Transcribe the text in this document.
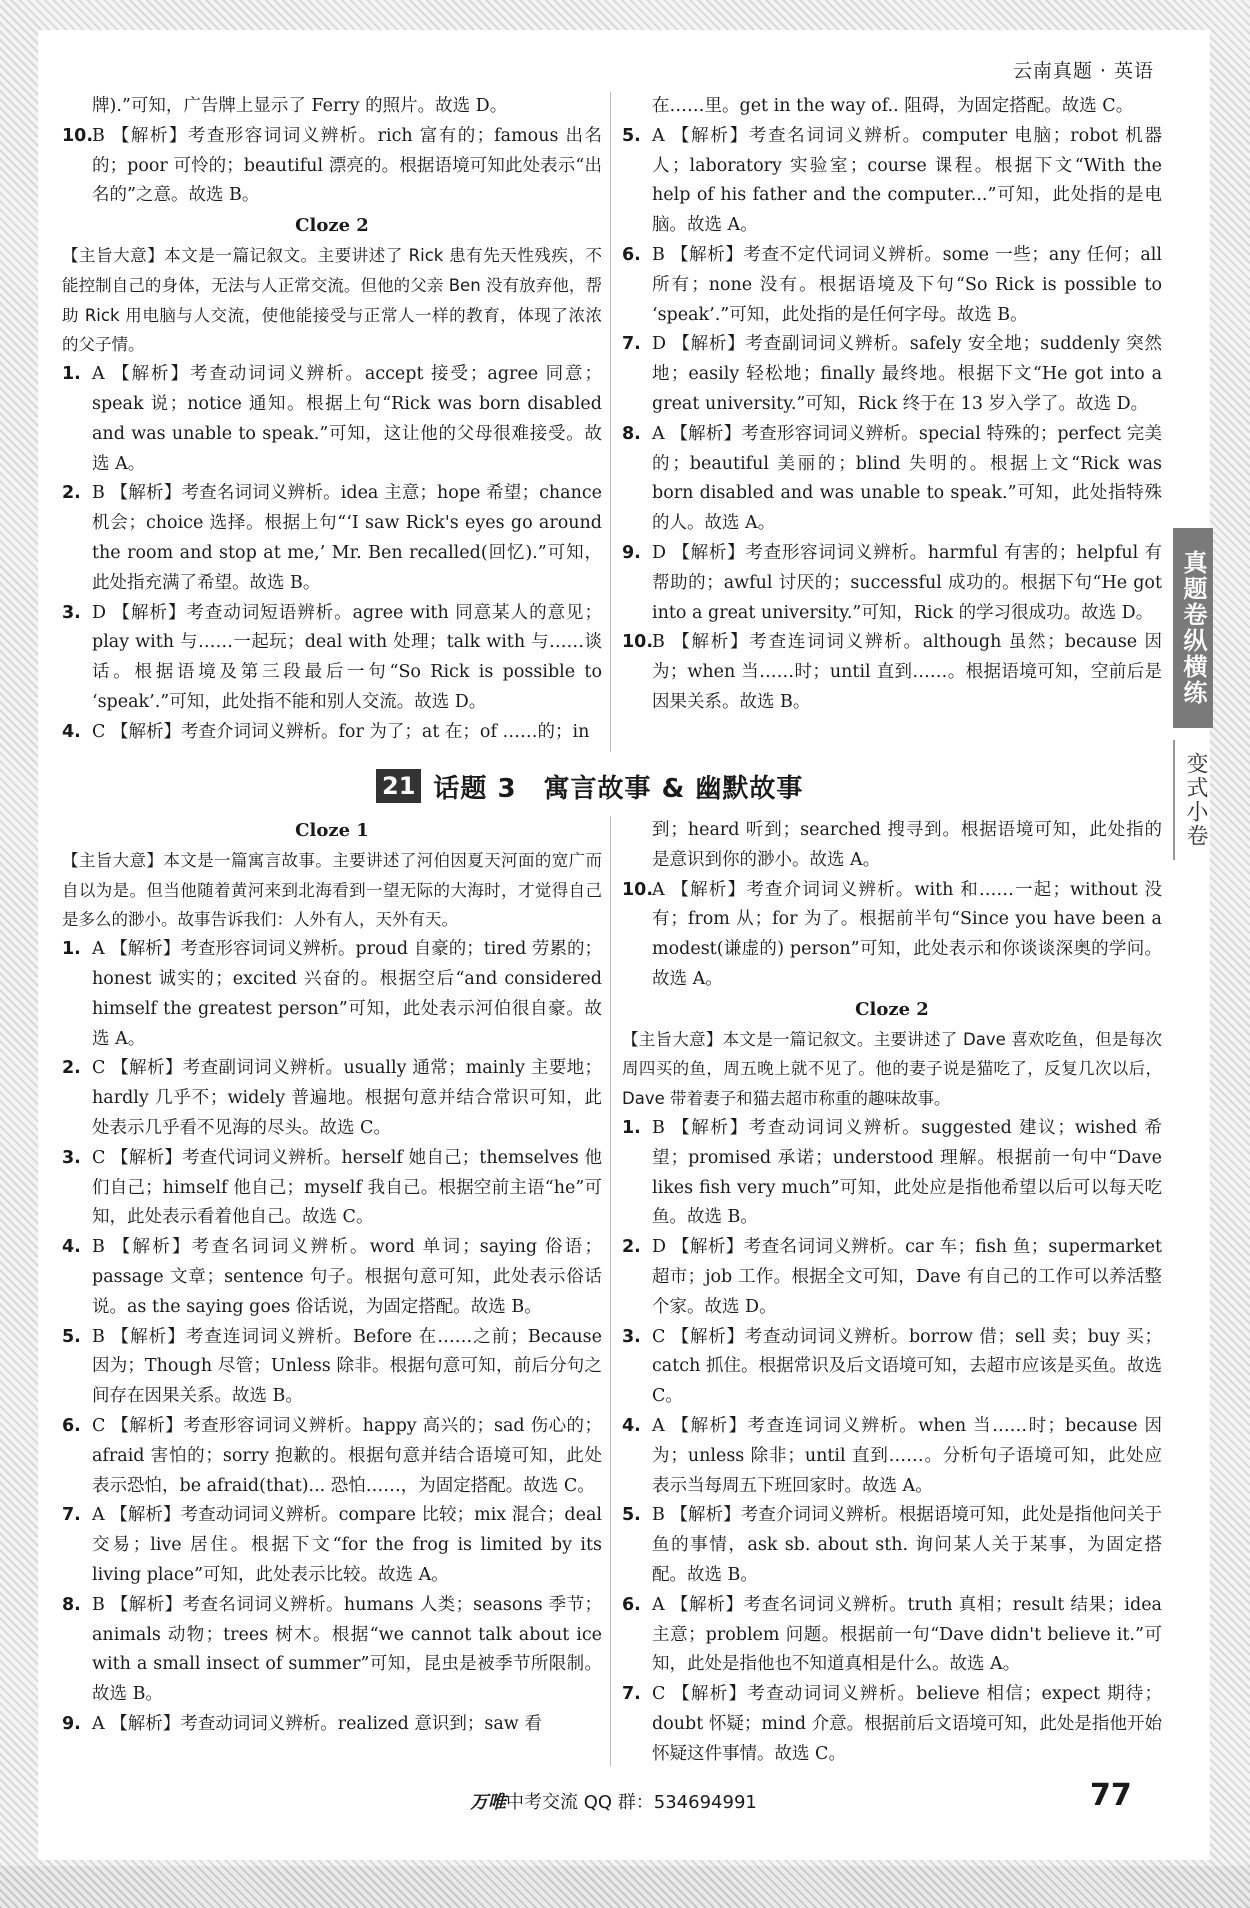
云南真题 · 英语
真题卷纵横练
变式小卷

牌).”可知，广告牌上显示了 Ferry 的照片。故选 D。

10.B 【解析】考查形容词词义辨析。rich 富有的；famous 出名的；poor 可怜的；beautiful 漂亮的。根据语境可知此处表示“出名的”之意。故选 B。

Cloze 2

【主旨大意】本文是一篇记叙文。主要讲述了 Rick 患有先天性残疾，不能控制自己的身体，无法与人正常交流。但他的父亲 Ben 没有放弃他，帮助 Rick 用电脑与人交流，使他能接受与正常人一样的教育，体现了浓浓的父子情。

1. A 【解析】考查动词词义辨析。accept 接受；agree 同意；speak 说；notice 通知。根据上句“Rick was born disabled and was unable to speak.”可知，这让他的父母很难接受。故选 A。

2. B 【解析】考查名词词义辨析。idea 主意；hope 希望；chance 机会；choice 选择。根据上句“‘I saw Rick's eyes go around the room and stop at me,’ Mr. Ben recalled(回忆).”可知，此处指充满了希望。故选 B。

3. D 【解析】考查动词短语辨析。agree with 同意某人的意见；play with 与……一起玩；deal with 处理；talk with 与……谈话。根据语境及第三段最后一句“So Rick is possible to ‘speak’.”可知，此处指不能和别人交流。故选 D。

4. C 【解析】考查介词词义辨析。for 为了；at 在；of ……的；in

在……里。get in the way of.. 阻碍，为固定搭配。故选 C。

5. A 【解析】考查名词词义辨析。computer 电脑；robot 机器人；laboratory 实验室；course 课程。根据下文“With the help of his father and the computer...”可知，此处指的是电脑。故选 A。

6. B 【解析】考查不定代词词义辨析。some 一些；any 任何；all 所有；none 没有。根据语境及下句“So Rick is possible to ‘speak’.”可知，此处指的是任何字母。故选 B。

7. D 【解析】考查副词词义辨析。safely 安全地；suddenly 突然地；easily 轻松地；finally 最终地。根据下文“He got into a great university.”可知，Rick 终于在 13 岁入学了。故选 D。

8. A 【解析】考查形容词词义辨析。special 特殊的；perfect 完美的；beautiful 美丽的；blind 失明的。根据上文“Rick was born disabled and was unable to speak.”可知，此处指特殊的人。故选 A。

9. D 【解析】考查形容词词义辨析。harmful 有害的；helpful 有帮助的；awful 讨厌的；successful 成功的。根据下句“He got into a great university.”可知，Rick 的学习很成功。故选 D。

10.B 【解析】考查连词词义辨析。although 虽然；because 因为；when 当……时；until 直到……。根据语境可知，空前后是因果关系。故选 B。

21 话题 3　寓言故事 & 幽默故事

Cloze 1

【主旨大意】本文是一篇寓言故事。主要讲述了河伯因夏天河面的宽广而自以为是。但当他随着黄河来到北海看到一望无际的大海时，才觉得自己是多么的渺小。故事告诉我们：人外有人，天外有天。

1. A 【解析】考查形容词词义辨析。proud 自豪的；tired 劳累的；honest 诚实的；excited 兴奋的。根据空后“and considered himself the greatest person”可知，此处表示河伯很自豪。故选 A。

2. C 【解析】考查副词词义辨析。usually 通常；mainly 主要地；hardly 几乎不；widely 普遍地。根据句意并结合常识可知，此处表示几乎看不见海的尽头。故选 C。

3. C 【解析】考查代词词义辨析。herself 她自己；themselves 他们自己；himself 他自己；myself 我自己。根据空前主语“he”可知，此处表示看着他自己。故选 C。

4. B 【解析】考查名词词义辨析。word 单词；saying 俗语；passage 文章；sentence 句子。根据句意可知，此处表示俗话说。as the saying goes 俗话说，为固定搭配。故选 B。

5. B 【解析】考查连词词义辨析。Before 在……之前；Because 因为；Though 尽管；Unless 除非。根据句意可知，前后分句之间存在因果关系。故选 B。

6. C 【解析】考查形容词词义辨析。happy 高兴的；sad 伤心的；afraid 害怕的；sorry 抱歉的。根据句意并结合语境可知，此处表示恐怕，be afraid(that)... 恐怕……，为固定搭配。故选 C。

7. A 【解析】考查动词词义辨析。compare 比较；mix 混合；deal 交易；live 居住。根据下文“for the frog is limited by its living place”可知，此处表示比较。故选 A。

8. B 【解析】考查名词词义辨析。humans 人类；seasons 季节；animals 动物；trees 树木。根据“we cannot talk about ice with a small insect of summer”可知，昆虫是被季节所限制。故选 B。

9. A 【解析】考查动词词义辨析。realized 意识到；saw 看

到；heard 听到；searched 搜寻到。根据语境可知，此处指的是意识到你的渺小。故选 A。

10.A 【解析】考查介词词义辨析。with 和……一起；without 没有；from 从；for 为了。根据前半句“Since you have been a modest(谦虚的) person”可知，此处表示和你谈谈深奥的学问。故选 A。

Cloze 2

【主旨大意】本文是一篇记叙文。主要讲述了 Dave 喜欢吃鱼，但是每次周四买的鱼，周五晚上就不见了。他的妻子说是猫吃了，反复几次以后，Dave 带着妻子和猫去超市称重的趣味故事。

1. B 【解析】考查动词词义辨析。suggested 建议；wished 希望；promised 承诺；understood 理解。根据前一句中“Dave likes fish very much”可知，此处应是指他希望以后可以每天吃鱼。故选 B。

2. D 【解析】考查名词词义辨析。car 车；fish 鱼；supermarket 超市；job 工作。根据全文可知，Dave 有自己的工作可以养活整个家。故选 D。

3. C 【解析】考查动词词义辨析。borrow 借；sell 卖；buy 买；catch 抓住。根据常识及后文语境可知，去超市应该是买鱼。故选 C。

4. A 【解析】考查连词词义辨析。when 当……时；because 因为；unless 除非；until 直到……。分析句子语境可知，此处应表示当每周五下班回家时。故选 A。

5. B 【解析】考查介词词义辨析。根据语境可知，此处是指他问关于鱼的事情，ask sb. about sth. 询问某人关于某事，为固定搭配。故选 B。

6. A 【解析】考查名词词义辨析。truth 真相；result 结果；idea 主意；problem 问题。根据前一句“Dave didn't believe it.”可知，此处是指他也不知道真相是什么。故选 A。

7. C 【解析】考查动词词义辨析。believe 相信；expect 期待；doubt 怀疑；mind 介意。根据前后文语境可知，此处是指他开始怀疑这件事情。故选 C。

万唯中考交流 QQ 群：534694991	77
